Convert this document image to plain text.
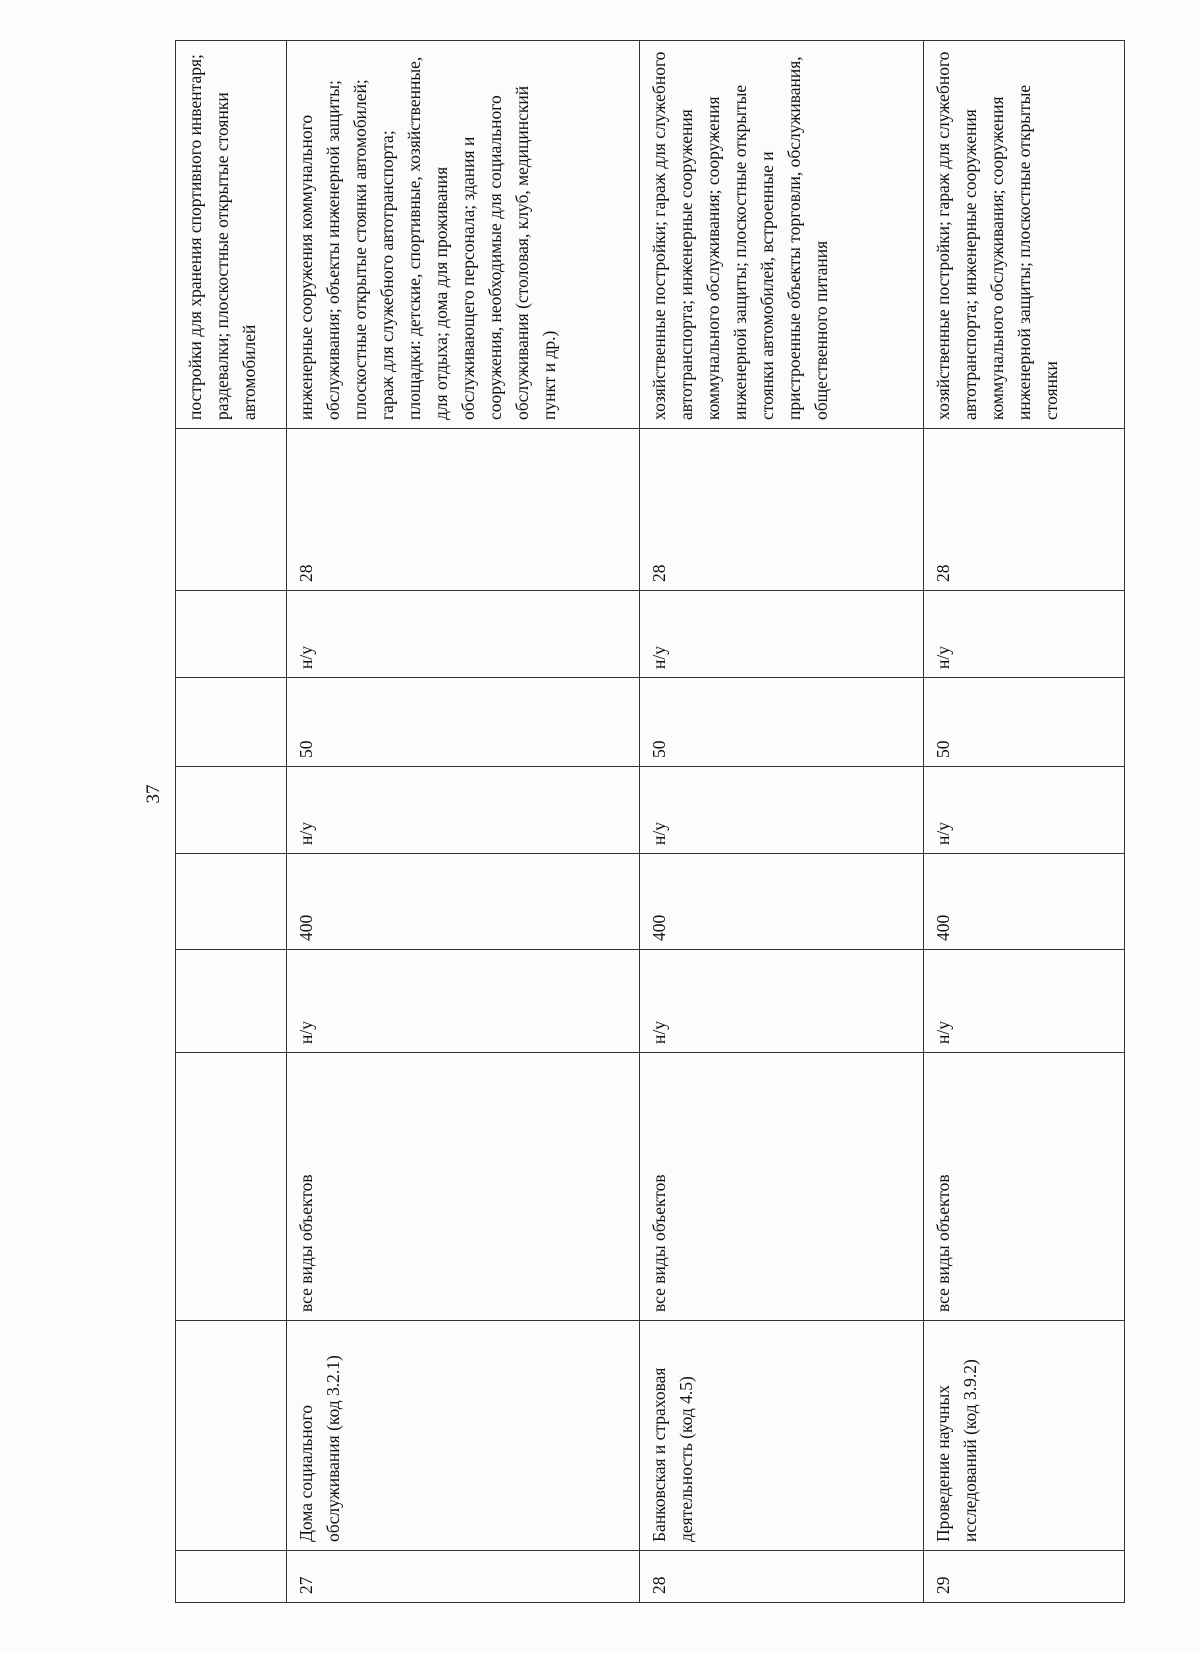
37
									постройки для хранения спортивного инвентаря; раздевалки; плоскостные открытые стоянки автомобилей
27	Дома социального обслуживания (код 3.2.1)	все виды объектов	н/у	400	н/у	50	н/у	28	инженерные сооружения коммунального обслуживания; объекты инженерной защиты; плоскостные открытые стоянки автомобилей; гараж для служебного автотранспорта; площадки: детские, спортивные, хозяйственные, для отдыха; дома для проживания обслуживающего персонала; здания и сооружения, необходимые для социального обслуживания (столовая, клуб, медицинский пункт и др.)
28	Банковская и страховая деятельность (код 4.5)	все виды объектов	н/у	400	н/у	50	н/у	28	хозяйственные постройки; гараж для служебного автотранспорта; инженерные сооружения коммунального обслуживания; сооружения инженерной защиты; плоскостные открытые стоянки автомобилей, встроенные и пристроенные объекты торговли, обслуживания, общественного питания
29	Проведение научных исследований (код 3.9.2)	все виды объектов	н/у	400	н/у	50	н/у	28	хозяйственные постройки; гараж для служебного автотранспорта; инженерные сооружения коммунального обслуживания; сооружения инженерной защиты; плоскостные открытые стоянки
